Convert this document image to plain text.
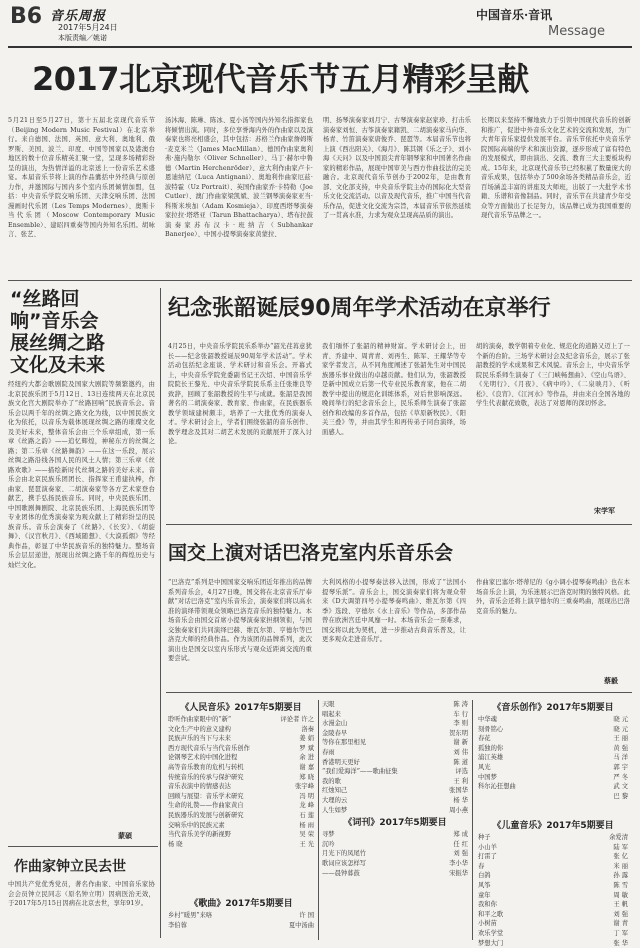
B6 音乐周报
2017年5月24日
本版责编／姚诺
中国音乐·音讯
Message
2017北京现代音乐节五月精彩呈献
5月21日至5月27日，第十五届北京现代音乐节（Beijing Modern Music Festival）在北京举行。来自德国、法国、英国、意大利、奥地利、俄罗斯、美国、波兰、印度、中国等国家以及港澳台地区的数十位音乐精英汇聚一堂，呈现多场精彩纷呈的演出，为热情洋溢的北京送上一份音乐艺术盛宴。本届音乐节将上演的作品囊括中外经典与原创力作，并邀国际与国内多个室内乐团倾情加盟，包括：中央音乐学院交响乐团、天津交响乐团、法国漫画时代乐团（Les Temps Modernes）、奥斯卡当代乐团（Moscow Contemporary Music Ensemble）、建昭四重奏等国内外知名乐团。胡咏言、张艺、
汤沐海、陈琳、陈冰、夏小汤等国内外知名指挥家也将倾情出演。同时，多位享誉海内外的作曲家以及演奏家也将亮相盛会，其中包括：苏格兰作曲家詹姆斯·麦克米兰（James MacMillan）、德国作曲家奥利弗·施内勒尔（Oliver Schneller）、马丁·赫尔中鲁德（Martin Herchenröder）、意大利作曲家卢卡·恩迪纳尼（Luca Antignani）、奥地利作曲家厄兹·波特霍（Uz Portrait）、英国作曲家乔·卡特勒（Joe Cutler）、澳门作曲家梁凯斌、波兰钢琴演奏家亚当·科斯米埃加（Adam Kosmieja）、印度西塔琴演奏家拉拉·塔塔亚（Tarun Bhattacharya）、塔布拉鼓演奏家苏布汉卡·班纳吉（Subhankar Banerjee）、中国小提琴演奏家黄蒙拉、
明、扬琴演奏家刘月宁、古琴演奏家赵家珍、打击乐演奏家刘恒、古筝演奏家籍凯、二胡演奏家马向华、杨青、竹笛演奏家唐俊乔、琵琶等。本届音乐节也将上演《西出阳关》、《海月》、陈其钢《乐之子》、刘小海《天问》以及中国顶尖青年钢琴家和中国著名作曲家的精彩作品，展现中国审美与西方作曲技法的完美融合。北京现代音乐节创办于2002年，是由教育部、文化部支持，中央音乐学院主办的国际化大型音乐文化交流活动。以音及现代音乐，推广中国当代音乐作品，促进文化交流为宗旨，本届音乐节依然延续了一贯高水准，力求为观众呈现高品质的演出。
长期以来坚持不懈地致力于引领中国现代音乐的创新和推广，促进中外音乐文化艺术的交流和发展，为广大青年音乐家提供发展平台。音乐节依托中央音乐学院国际高端的学术和演出资源，逐步形成了富有特色的发展模式，即由演出、交流、教育三大主要板块构成。15年来，北京现代音乐节已经积累了数量庞大的音乐成果，包括举办了500余场各类精品音乐会，近百场涵盖丰富的讲座及大师班，出版了一大批学术书籍、乐谱和音像制品。同时，音乐节在共建青少年受众等方面做出了长足努力，该品牌已成为我国重要的现代音乐节品牌之一。
“丝路回响”音乐会展丝绸之路文化及未来
经纽约大都会歌剧院及国家大剧院等频繁邀约，由北京民族乐团于5月12日、13日连续两天在北京民族文化宫大剧院举办了“丝路回响”民族音乐会。音乐会以两千年的丝绸之路文化为线，以中国民族文化为依托，以音乐为载体展现丝绸之路的璀璨文化及美好未来，整体音乐会由三个乐章组成，第一乐章《丝路之韵》——追忆辉煌，神秘东方的丝绸之路；第二乐章《丝路舞韵》——在这一乐段，展示丝绸之路沿线各国人民的风土人情；第三乐章《丝路欢歌》——描绘新时代丝绸之路的美好未来。音乐会由北京民族乐团团长、指挥家王甫建执棒，作曲家、琵琶演奏家、二胡演奏家等各方艺术家登台献艺，携手弘扬民族音乐。同时，中央民族乐团、中国歌剧舞剧院、北京民族乐团、上海民族乐团等专业团体的优秀演奏家为观众献上了精彩纷呈的民族音乐。音乐会演奏了《丝路》、《长安》、《胡旋舞》、《汉宫秋月》、《西域随想》、《大漠孤烟》等经典作品，彰显了中华民族音乐的独特魅力。整场音乐会层层递进，展现出丝绸之路千年的辉煌历史与灿烂文化。
蒙碩
作曲家钟立民去世
中国共产党优秀党员，著名作曲家、中国音乐家协会会员钟立民同志（原名钟立明）因病医治无效，于2017年5月15日因病在北京去世，享年91岁。
纪念张韶诞辰90周年学术活动在京举行
4月25日，中央音乐学院民乐系举办“韶光荏苒意犹长——纪念张韶教授诞辰90周年学术活动”。学术活动包括纪念座谈、学术研讨和音乐会。开幕式上，中央音乐学院党委副书记王次炤、中国音乐学院院长王黎光、中央音乐学院民乐系主任张维良等致辞，回顾了张韶教授的生平与成就。张韶是我国著名的二胡演奏家、教育家、作曲家，在民族器乐教学领域建树颇丰，培养了一大批优秀的演奏人才。学术研讨会上，学者们围绕张韶的音乐创作、教学理念及其对二胡艺术发展的贡献展开了深入讨论。
我们缅怀了张韶的精神财富。学术研讨会上，田青、乔建中、周青青、刘再生、陈军、王耀华等专家学者发言，从不同角度阐述了张韶先生对中国民族器乐事业做出的卓越贡献。他们认为，张韶教授是新中国成立后第一代专业民乐教育家，他在二胡教学中提出的规范化训练体系，对后世影响深远。晚间举行的纪念音乐会上，民乐系师生演奏了张韶创作和改编的多首作品，包括《草原新牧民》、《阳关三叠》等，并由其学生和再传弟子同台演绎，场面感人。
胡的演奏，教学朝着专业化、规范化的道路又迈上了一个新的台阶。三场学术研讨会及纪念音乐会，展示了张韶教授的学术成果和艺术风貌。音乐会上，中央音乐学院民乐系师生演奏了《三门峡畅想曲》、《空山鸟语》、《光明行》、《月夜》、《病中吟》、《二泉映月》、《听松》、《良宵》、《江河水》等作品，并由来自全国各地的学生代表献花致敬，表达了对恩师的深切怀念。
宋学军
国交上演对话巴洛克室内乐音乐会
“巴洛克”系列是中国国家交响乐团近年推出的品牌系列音乐会，4月27日晚，国交将在北京音乐厅奉献“对话巴洛克”室内乐音乐会，演奏家们将以高水准的演绎带领观众领略巴洛克音乐的独特魅力。本场音乐会由国交首席小提琴演奏家担纲领衔，与国交独奏家们共同演绎巴赫、维瓦尔第、亨德尔等巴洛克大师的经典作品。作为该团的品牌系列，此次演出也是国交以室内乐形式与观众近距离交流的重要尝试。
大利风格的小提琴奏法移入法国，形成了“法国小提琴乐派”。音乐会上，国交演奏家们将为观众带来《D大调第四号小提琴奏鸣曲》、维瓦尔第《四季》选段、亨德尔《水上音乐》等作品，多部作品曾在欧洲宫廷中风靡一时。本场音乐会一票难求，国交将以此为契机，进一步推动古典音乐普及，让更多观众走进音乐厅。
作曲家巴塞尔·塔蒂尼的《g小调小提琴奏鸣曲》也在本场音乐会上演，为乐迷展示巴洛克时期的独特风格。此外，音乐会还将上演亨德尔的三重奏鸣曲，展现出巴洛克音乐的魅力。
蔡毅
《人民音乐》2017年5期要目
聆听作曲家眼中的“新“	评论者 许之
文化生产中的意义建构	洛秦
民族声乐的当下与未来	姜 娟
西方现代音乐与当代音乐创作	罗 斌
论钢琴艺术的中国化进程	余 进
高等音乐教育的危机与转机	谢 嘉
传统音乐的传承与保护研究	郑 晓
音乐表演中的情感表达	张宇峰
回顾与展望：音乐学术研究	冯 明
生命的礼赞——作曲家黄自	龙 峰
民族器乐的发展与创新研究	石 莲
交响乐中的民族元素	杨 雨
当代音乐美学的新视野	吴 荣
杨 晓	王 光
《歌曲》2017年5期要目
乡村“暖男”来咯	许 国
李伯蓉	夏中汤曲
天眼	陈 涛
唱起来	车 行
水漫金山	李 则
金陵春早	贺东明
等你在那里相见	谢 新
春雨	刘 伟
香港明天更好	陈 道
“我们爱海洋”——歌曲征集	评选
我的歌	王 利
红烛知己	张国华
大理的云	杨 华
人生如梦	周小燕
《词刊》2017年5期要目
寻梦	郑 成
沉吟	任 红
月光下的凤尾竹	刘 强
歌词应该怎样写	李小华
——晨钟暮鼓	宋振华
《音乐创作》2017年5期要目
中华魂	晓 元
刻骨铭心	晓 元
春花	王 丽
孤独的你	黄 强
浦江英雄	马 洋
风光	郭 宇
中国梦	严 冬
科尔沁狂想曲	武 文
巴 黎
《儿童音乐》2017年5期要目
种子	余爱清
小山羊	陆 军
打雷了	张 亿
春	米 丽
白鸽	孙 露
风筝	陈 雪
童年	周 敏
我和你	王 帆
和平之歌	刘 强
小树苗	谢 青
欢乐学堂	丁 军
梦想大门	张 华
